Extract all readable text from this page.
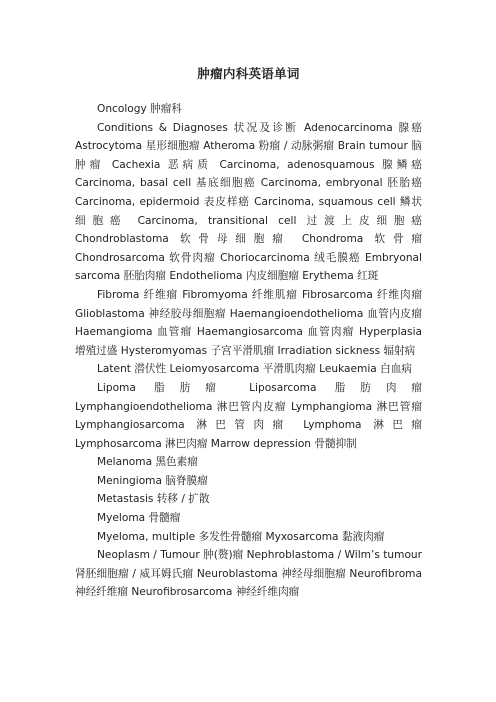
肿瘤内科英语单词

Oncology 肿瘤科

Conditions & Diagnoses 状况及诊断 Adenocarcinoma 腺癌 Astrocytoma 星形细胞瘤 Atheroma 粉瘤 / 动脉粥瘤 Brain tumour 脑肿瘤 Cachexia 恶病质 Carcinoma, adenosquamous 腺鳞癌 Carcinoma, basal cell 基底细胞癌 Carcinoma, embryonal 胚胎癌 Carcinoma, epidermoid 表皮样癌 Carcinoma, squamous cell 鳞状细胞癌 Carcinoma, transitional cell 过渡上皮细胞癌 Chondroblastoma 软骨母细胞瘤 Chondroma 软骨瘤 Chondrosarcoma 软骨肉瘤 Choriocarcinoma 绒毛膜癌 Embryonal sarcoma 胚胎肉瘤 Endothelioma 内皮细胞瘤 Erythema 红斑

Fibroma 纤维瘤 Fibromyoma 纤维肌瘤 Fibrosarcoma 纤维肉瘤 Glioblastoma 神经胶母细胞瘤 Haemangioendothelioma 血管内皮瘤 Haemangioma 血管瘤 Haemangiosarcoma 血管肉瘤 Hyperplasia 增殖过盛 Hysteromyomas 子宫平滑肌瘤 Irradiation sickness 辐射病

Latent 潜伏性 Leiomyosarcoma 平滑肌肉瘤 Leukaemia 白血病

Lipoma 脂肪瘤 Liposarcoma 脂肪肉瘤 Lymphangioendothelioma 淋巴管内皮瘤 Lymphangioma 淋巴管瘤 Lymphangiosarcoma 淋巴管肉瘤 Lymphoma 淋巴瘤 Lymphosarcoma 淋巴肉瘤 Marrow depression 骨髓抑制

Melanoma 黑色素瘤

Meningioma 脑脊膜瘤

Metastasis 转移 / 扩散

Myeloma 骨髓瘤

Myeloma, multiple 多发性骨髓瘤 Myxosarcoma 黏液肉瘤

Neoplasm / Tumour 肿(赘)瘤 Nephroblastoma / Wilm’s tumour 肾胚细胞瘤 / 威耳姆氏瘤 Neuroblastoma 神经母细胞瘤 Neurofibroma 神经纤维瘤 Neurofibrosarcoma 神经纤维肉瘤
